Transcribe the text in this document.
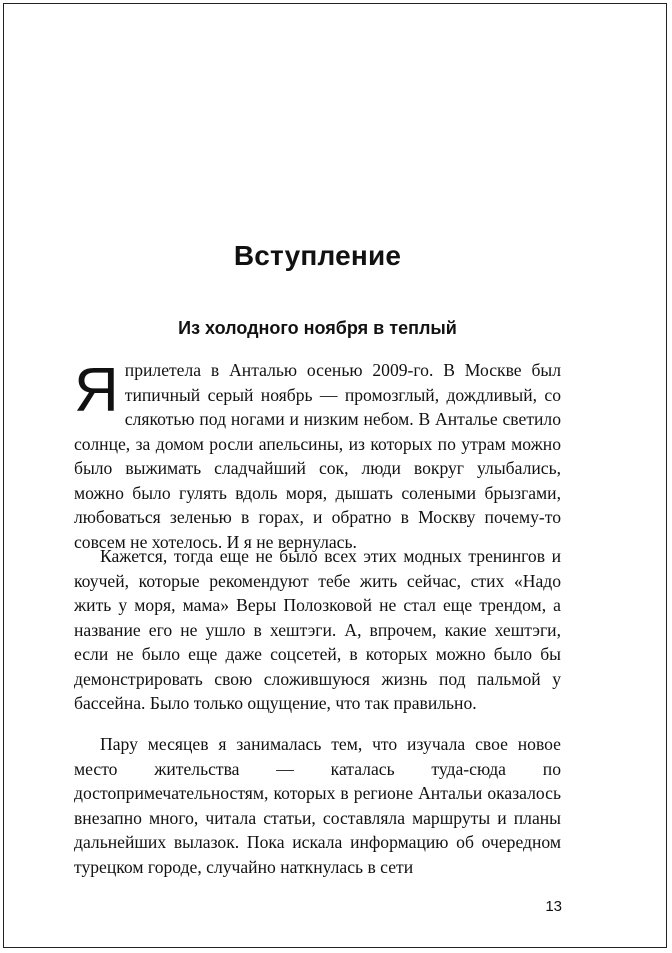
Вступление
Из холодного ноября в теплый

Яприлетела в Анталью осенью 2009-го. В Москве был типичный серый ноябрь — промозглый, дождливый, со слякотью под ногами и низким небом. В Анталье светило солнце, за домом росли апельсины, из которых по утрам можно было выжимать сладчайший сок, люди вокруг улыбались, можно было гулять вдоль моря, дышать солеными брызгами, любоваться зеленью в горах, и обратно в Москву почему-то совсем не хотелось. И я не вернулась.

Кажется, тогда еще не было всех этих модных тренингов и коучей, которые рекомендуют тебе жить сейчас, стих «Надо жить у моря, мама» Веры Полозковой не стал еще трендом, а название его не ушло в хештэги. А, впрочем, какие хештэги, если не было еще даже соцсетей, в которых можно было бы демонстрировать свою сложившуюся жизнь под пальмой у бассейна. Было только ощущение, что так правильно.

Пару месяцев я занималась тем, что изучала свое новое место жительства — каталась туда-сюда по достопримечательностям, которых в регионе Антальи оказалось внезапно много, читала статьи, составляла маршруты и планы дальнейших вылазок. Пока искала информацию об очередном турецком городе, случайно наткнулась в сети

13
